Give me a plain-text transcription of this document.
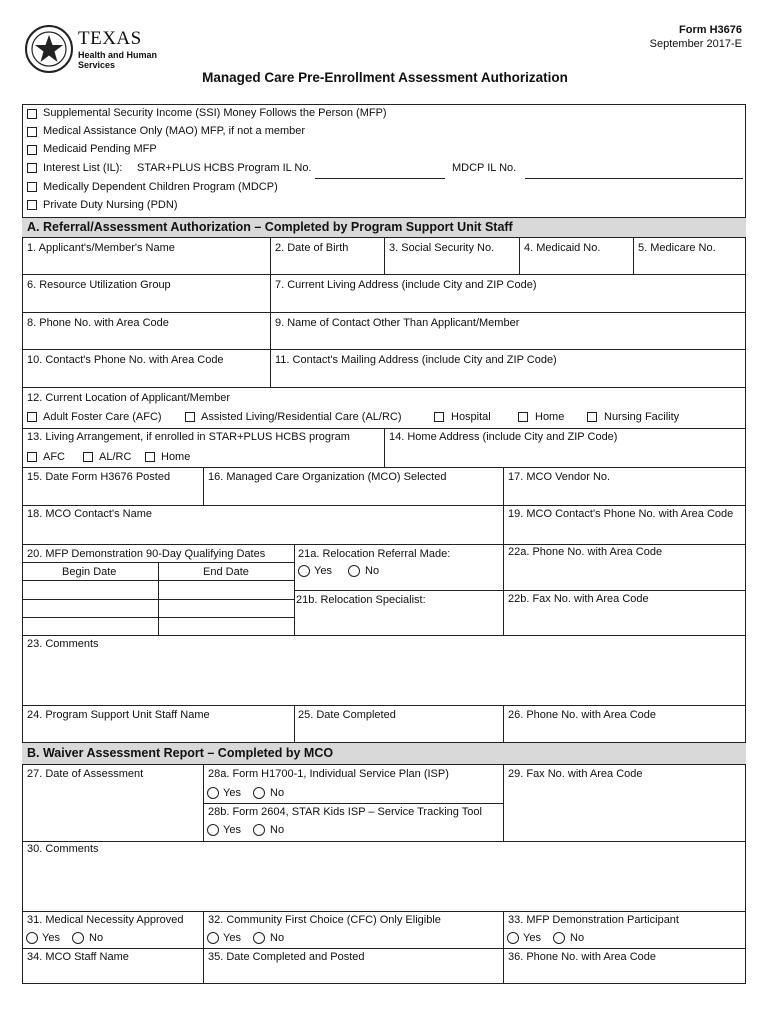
TEXAS
Health and Human
Services
Form H3676
September 2017-E
Managed Care Pre-Enrollment Assessment Authorization
Supplemental Security Income (SSI) Money Follows the Person (MFP)
Medical Assistance Only (MAO) MFP, if not a member
Medicaid Pending MFP
Interest List (IL): STAR+PLUS HCBS Program IL No.	MDCP IL No.
Medically Dependent Children Program (MDCP)
Private Duty Nursing (PDN)
A. Referral/Assessment Authorization – Completed by Program Support Unit Staff
1. Applicant's/Member's Name	2. Date of Birth	3. Social Security No.	4. Medicaid No.	5. Medicare No.
6. Resource Utilization Group	7. Current Living Address (include City and ZIP Code)
8. Phone No. with Area Code	9. Name of Contact Other Than Applicant/Member
10. Contact's Phone No. with Area Code	11. Contact's Mailing Address (include City and ZIP Code)
12. Current Location of Applicant/Member
Adult Foster Care (AFC)	Assisted Living/Residential Care (AL/RC)	Hospital	Home	Nursing Facility
13. Living Arrangement, if enrolled in STAR+PLUS HCBS program	14. Home Address (include City and ZIP Code)
AFC	AL/RC	Home
15. Date Form H3676 Posted	16. Managed Care Organization (MCO) Selected	17. MCO Vendor No.
18. MCO Contact's Name	19. MCO Contact's Phone No. with Area Code
20. MFP Demonstration 90-Day Qualifying Dates
Begin Date	End Date
21a. Relocation Referral Made:
Yes	No
21b. Relocation Specialist:
22a. Phone No. with Area Code
22b. Fax No. with Area Code
23. Comments
24. Program Support Unit Staff Name	25. Date Completed	26. Phone No. with Area Code
B. Waiver Assessment Report – Completed by MCO
27. Date of Assessment	28a. Form H1700-1, Individual Service Plan (ISP)
Yes	No
28b. Form 2604, STAR Kids ISP – Service Tracking Tool
Yes	No
29. Fax No. with Area Code
30. Comments
31. Medical Necessity Approved
Yes	No
32. Community First Choice (CFC) Only Eligible
Yes	No
33. MFP Demonstration Participant
Yes	No
34. MCO Staff Name	35. Date Completed and Posted	36. Phone No. with Area Code
